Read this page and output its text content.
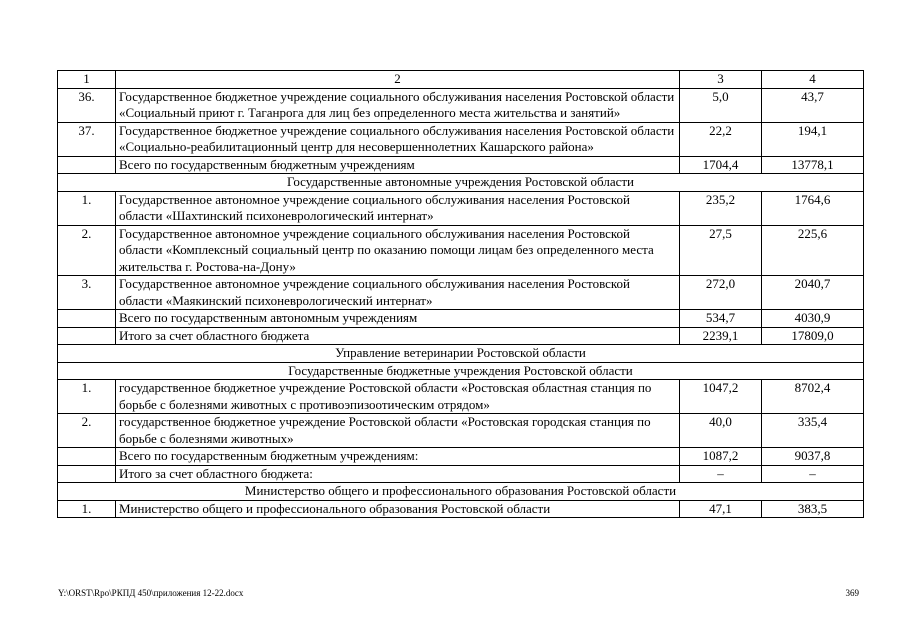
1	2	3	4
36.	Государственное бюджетное учреждение социального обслуживания населения Ростовской области «Социальный приют г. Таганрога для лиц без определенного места жительства и занятий»	5,0	43,7
37.	Государственное бюджетное учреждение социального обслуживания населения Ростовской области «Социально-реабилитационный центр для несовершеннолетних Кашарского района»	22,2	194,1
	Всего по государственным бюджетным учреждениям	1704,4	13778,1
Государственные автономные учреждения Ростовской области			
1.	Государственное автономное учреждение социального обслуживания населения Ростовской области «Шахтинский психоневрологический интернат»	235,2	1764,6
2.	Государственное автономное учреждение социального обслуживания населения Ростовской области «Комплексный социальный центр по оказанию помощи лицам без определенного места жительства г. Ростова-на-Дону»	27,5	225,6
3.	Государственное автономное учреждение социального обслуживания населения Ростовской области «Маякинский психоневрологический интернат»	272,0	2040,7
	Всего по государственным автономным учреждениям	534,7	4030,9
	Итого за счет областного бюджета	2239,1	17809,0
Управление ветеринарии Ростовской области			
Государственные бюджетные учреждения Ростовской области			
1.	государственное бюджетное учреждение Ростовской области «Ростовская областная станция по борьбе с болезнями животных с противоэпизоотическим отрядом»	1047,2	8702,4
2.	государственное бюджетное учреждение Ростовской области «Ростовская городская станция по борьбе с болезнями животных»	40,0	335,4
	Всего по государственным бюджетным учреждениям:	1087,2	9037,8
	Итого за счет областного бюджета:	–	–
Министерство общего и профессионального образования Ростовской области			
1.	Министерство общего и профессионального образования Ростовской области	47,1	383,5
Y:\ORST\Rpo\РКПД 450\приложения 12-22.docx	369
